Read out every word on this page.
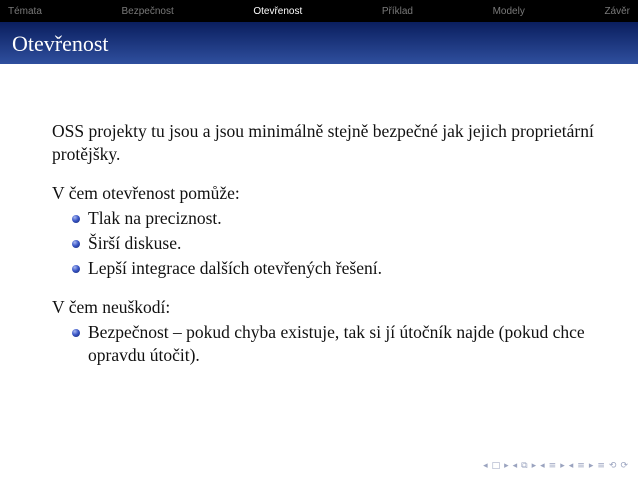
Témata	Bezpečnost	Otevřenost	Příklad	Modely	Závěr
Otevřenost

OSS projekty tu jsou a jsou minimálně stejně bezpečné jak jejich proprietární protějšky.

V čem otevřenost pomůže:

Tlak na preciznost.
Širší diskuse.
Lepší integrace dalších otevřených řešení.

V čem neuškodí:

Bezpečnost – pokud chyba existuje, tak si jí útočník najde (pokud chce opravdu útočit).
◂ □ ▸ ◂ ⧉ ▸ ◂ ≡ ▸ ◂ ≡ ▸ ≡ ⟲ ⟳
